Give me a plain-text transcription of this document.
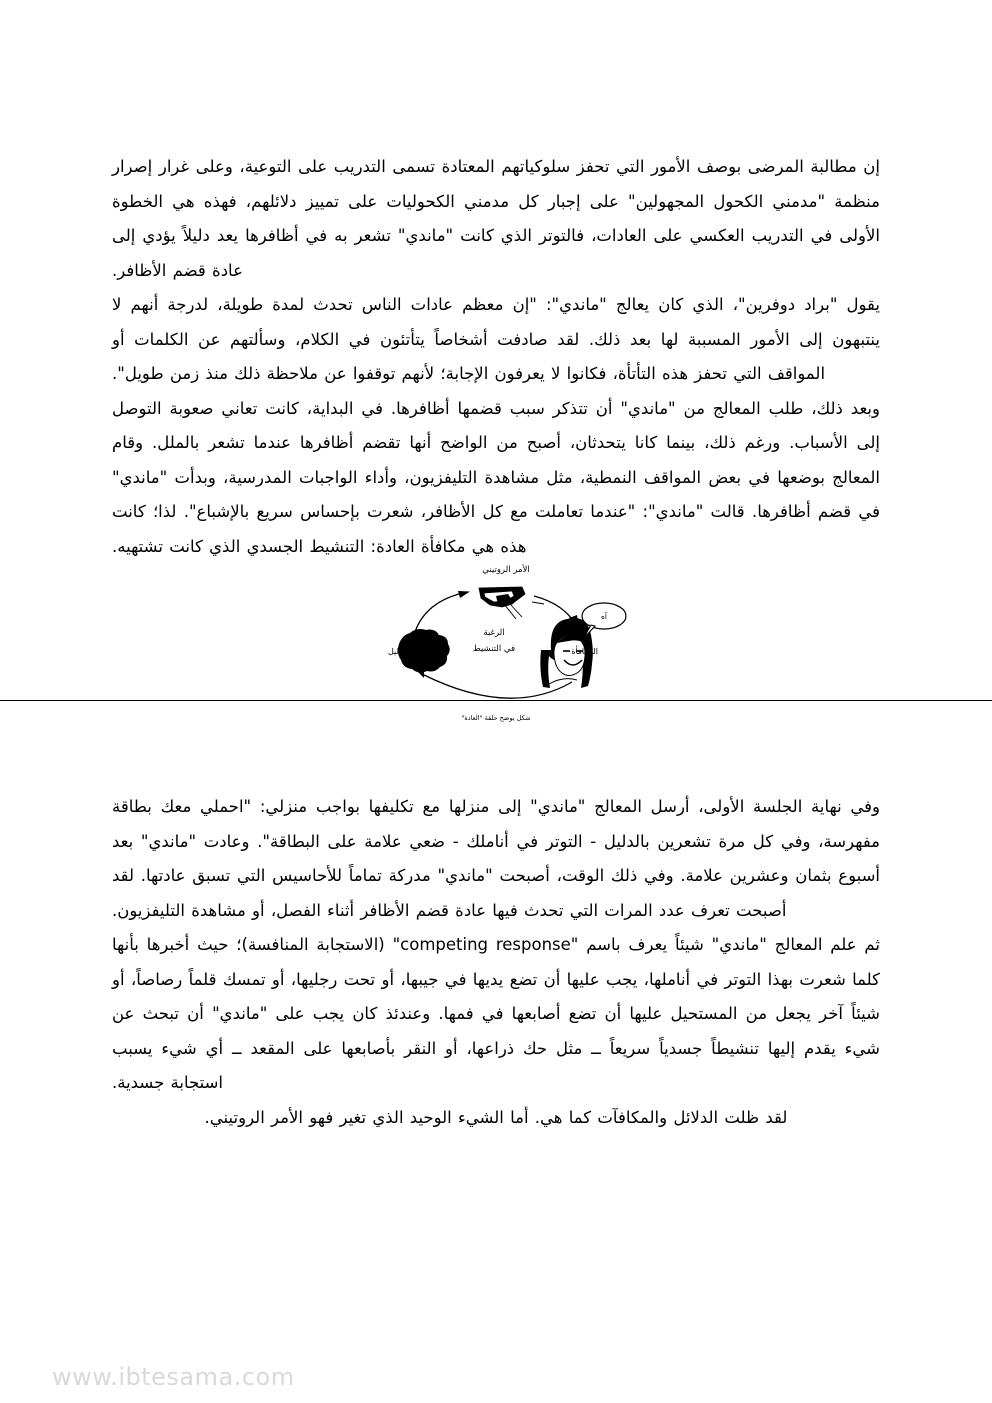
إن مطالبة المرضى بوصف الأمور التي تحفز سلوكياتهم المعتادة تسمى التدريب على التوعية، وعلى غرار إصرار منظمة "مدمني الكحول المجهولين" على إجبار كل مدمني الكحوليات على تمييز دلائلهم، فهذه هي الخطوة الأولى في التدريب العكسي على العادات، فالتوتر الذي كانت "ماندي" تشعر به في أظافرها يعد دليلاً يؤدي إلى عادة قضم الأظافر.

يقول "براد دوفرين"، الذي كان يعالج "ماندي": "إن معظم عادات الناس تحدث لمدة طويلة، لدرجة أنهم لا ينتبهون إلى الأمور المسببة لها بعد ذلك. لقد صادفت أشخاصاً يتأتئون في الكلام، وسألتهم عن الكلمات أو المواقف التي تحفز هذه التأتأة، فكانوا لا يعرفون الإجابة؛ لأنهم توقفوا عن ملاحظة ذلك منذ زمن طويل".

وبعد ذلك، طلب المعالج من "ماندي" أن تتذكر سبب قضمها أظافرها. في البداية، كانت تعاني صعوبة التوصل إلى الأسباب. ورغم ذلك، بينما كانا يتحدثان، أصبح من الواضح أنها تقضم أظافرها عندما تشعر بالملل. وقام المعالج بوضعها في بعض المواقف النمطية، مثل مشاهدة التليفزيون، وأداء الواجبات المدرسية، وبدأت "ماندي" في قضم أظافرها. قالت "ماندي": "عندما تعاملت مع كل الأظافر، شعرت بإحساس سريع بالإشباع". لذا؛ كانت هذه هي مكافأة العادة: التنشيط الجسدي الذي كانت تشتهيه.

الأمر الروتيني
آه
الدليل	المكافأة
الرغبة
في التنشيط
شكل يوضح حلقة "العادة"

وفي نهاية الجلسة الأولى، أرسل المعالج "ماندي" إلى منزلها مع تكليفها بواجب منزلي: "احملي معك بطاقة مفهرسة، وفي كل مرة تشعرين بالدليل - التوتر في أناملك - ضعي علامة على البطاقة". وعادت "ماندي" بعد أسبوع بثمان وعشرين علامة. وفي ذلك الوقت، أصبحت "ماندي" مدركة تماماً للأحاسيس التي تسبق عادتها. لقد أصبحت تعرف عدد المرات التي تحدث فيها عادة قضم الأظافر أثناء الفصل، أو مشاهدة التليفزيون.

ثم علم المعالج "ماندي" شيئاً يعرف باسم "competing response" (الاستجابة المنافسة)؛ حيث أخبرها بأنها كلما شعرت بهذا التوتر في أناملها، يجب عليها أن تضع يديها في جيبها، أو تحت رجليها، أو تمسك قلماً رصاصاً، أو شيئاً آخر يجعل من المستحيل عليها أن تضع أصابعها في فمها. وعندئذ كان يجب على "ماندي" أن تبحث عن شيء يقدم إليها تنشيطاً جسدياً سريعاً ــ مثل حك ذراعها، أو النقر بأصابعها على المقعد ــ أي شيء يسبب استجابة جسدية.

لقد ظلت الدلائل والمكافآت كما هي. أما الشيء الوحيد الذي تغير فهو الأمر الروتيني.

www.ibtesama.com
